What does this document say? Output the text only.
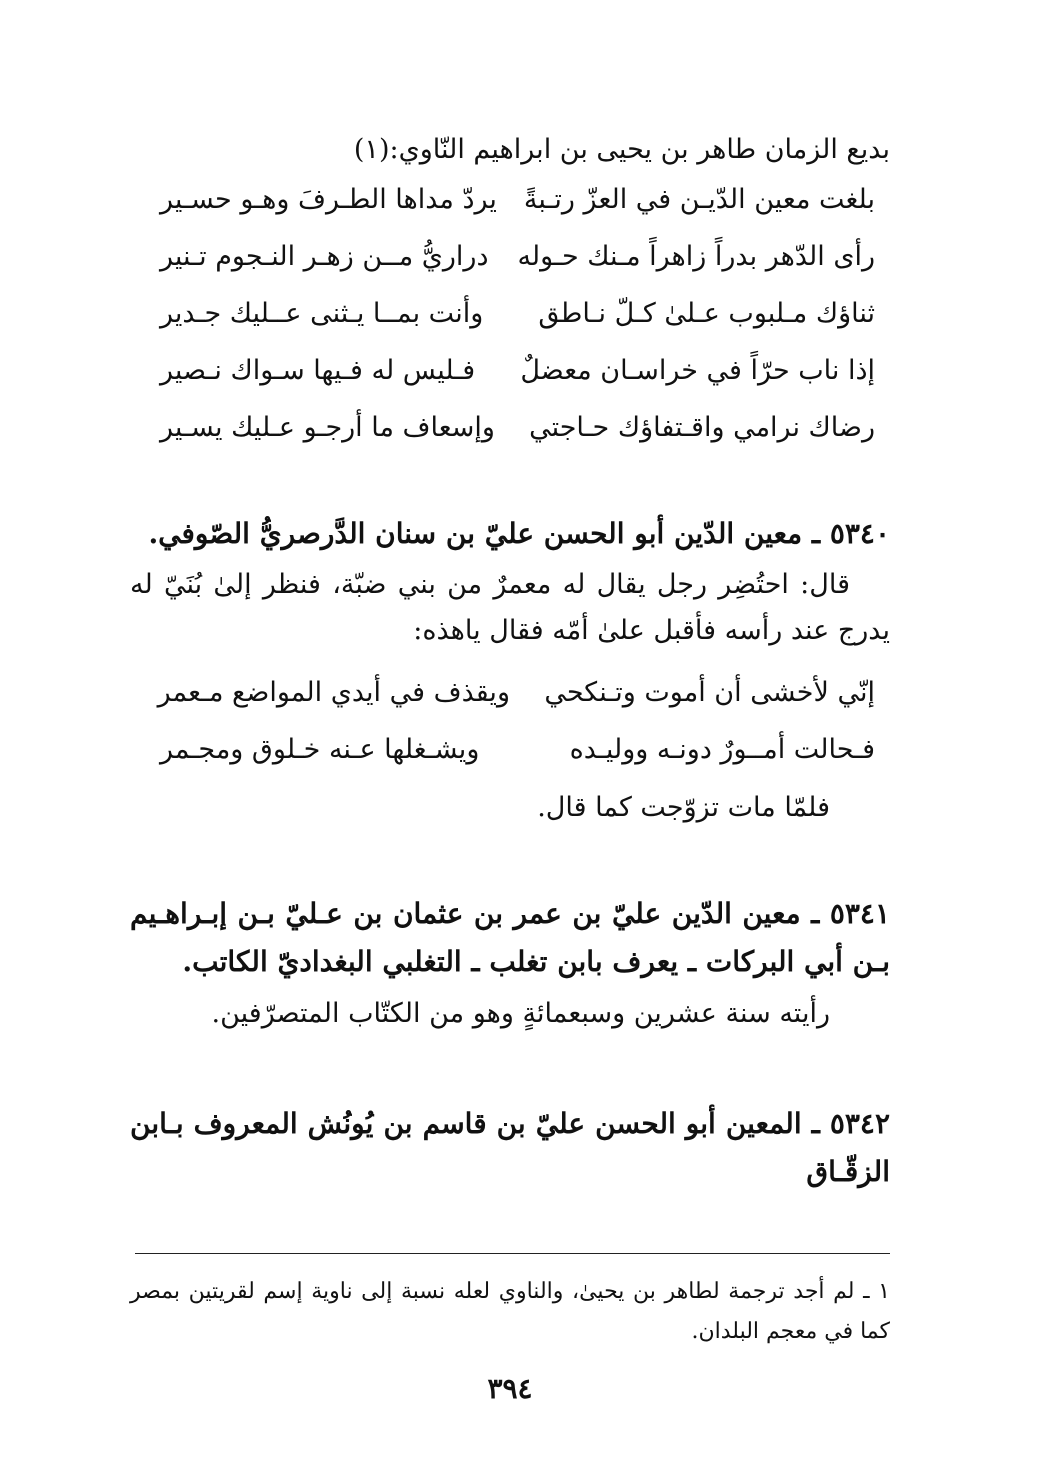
بديع الزمان طاهر بن يحيى بن ابراهيم النّاوي:(١)
بلغت معين الدّيـن في العزّ رتـبةً
يردّ مداها الطـرفَ وهـو حسـير
رأى الدّهر بدراً زاهراً مـنك حـوله
دراريُّ مــن زهـر النـجوم تـنير
ثناؤك مـلبوب عـلىٰ كـلّ نـاطق
وأنت بمــا يـثنى عــليك جـدير
إذا ناب حرّاً في خراسـان معضلٌ
فـليس له فـيها سـواك نـصير
رضاك نرامي واقـتفاؤك حـاجتي
وإسعاف ما أرجـو عـليك يسـير
٥٣٤٠ ـ معين الدّين أبو الحسن عليّ بن سنان الدَّرصريُّ الصّوفي.
قال: احتُضِر رجل يقال له معمرٌ من بني ضبّة، فنظر إلىٰ بُنَيّ له يدرج عند رأسه فأقبل علىٰ أمّه فقال ياهذه:
إنّي لأخشى أن أموت وتـنكحي
ويقذف في أيدي المواضع مـعمر
فـحالت أمــورٌ دونـه ووليـده
ويشـغلها عـنه خـلوق ومجـمر
فلمّا مات تزوّجت كما قال.
٥٣٤١ ـ معين الدّين عليّ بن عمر بن عثمان بن عـليّ بـن إبـراهـيم بـن أبي البركات ـ يعرف بابن تغلب ـ التغلبي البغداديّ الكاتب.
رأيته سنة عشرين وسبعمائةٍ وهو من الكتّاب المتصرّفين.
٥٣٤٢ ـ المعين أبو الحسن عليّ بن قاسم بن يُونُش المعروف بـابن الزقّـاق
١ ـ لم أجد ترجمة لطاهر بن يحيىٰ، والناوي لعله نسبة إلى ناوية إسم لقريتين بمصر كما في معجم البلدان.
٣٩٤
